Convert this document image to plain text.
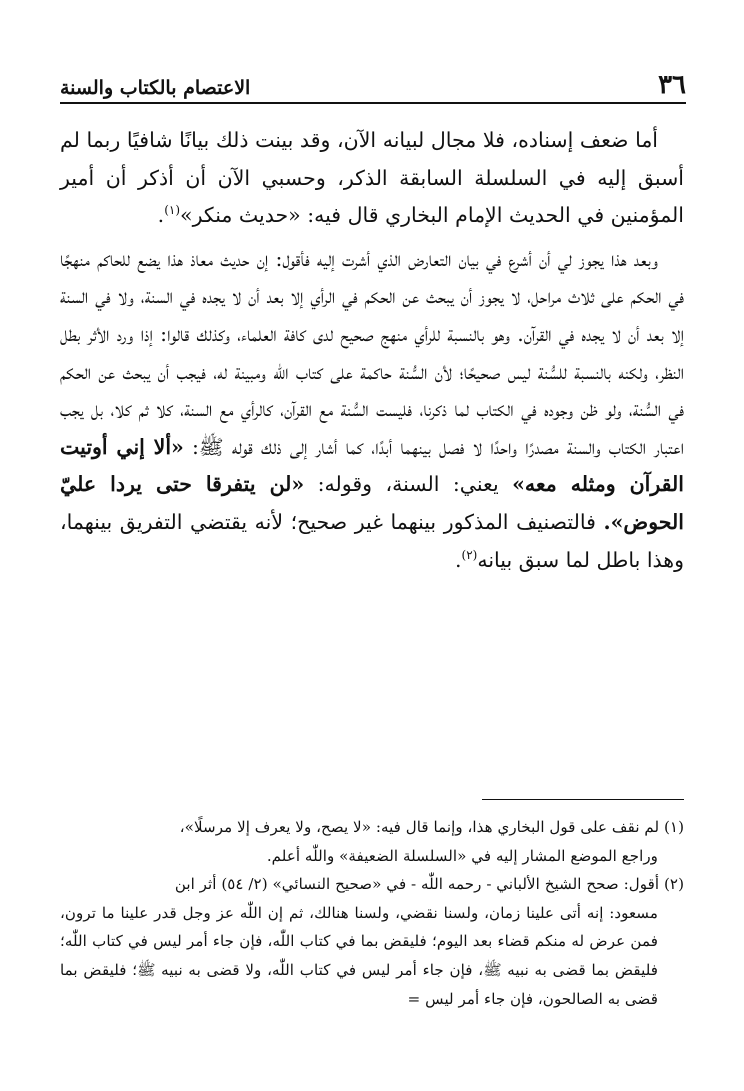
٣٦
الاعتصام بالكتاب والسنة

أما ضعف إسناده، فلا مجال لبيانه الآن، وقد بينت ذلك بيانًا شافيًا ربما لم أسبق إليه في السلسلة السابقة الذكر، وحسبي الآن أن أذكر أن أمير المؤمنين في الحديث الإمام البخاري قال فيه: «حديث منكر»$^{(١)}$.

وبعد هذا يجوز لي أن أشرع في بيان التعارض الذي أشرت إليه فأقول: إن حديث معاذ هذا يضع للحاكم منهجًا في الحكم على ثلاث مراحل، لا يجوز أن يبحث عن الحكم في الرأي إلا بعد أن لا يجده في السنة، ولا في السنة إلا بعد أن لا يجده في القرآن. وهو بالنسبة للرأي منهج صحيح لدى كافة العلماء، وكذلك قالوا: إذا ورد الأثر بطل النظر، ولكنه بالنسبة للسُّنة ليس صحيحًا؛ لأن السُّنة حاكمة على كتاب اللّٰه ومبينة له، فيجب أن يبحث عن الحكم في السُّنة، ولو ظن وجوده في الكتاب لما ذكرنا، فليست السُّنة مع القرآن، كالرأي مع السنة، كلا ثم كلا، بل يجب اعتبار الكتاب والسنة مصدرًا واحدًا لا فصل بينهما أبدًا، كما أشار إلى ذلك قوله ﷺ: «ألا إني أوتيت القرآن ومثله معه» يعني: السنة، وقوله: «لن يتفرقا حتى يردا عليّ الحوض». فالتصنيف المذكور بينهما غير صحيح؛ لأنه يقتضي التفريق بينهما، وهذا باطل لما سبق بيانه$^{(٢)}$.

(١) لم نقف على قول البخاري هذا، وإنما قال فيه: «لا يصح، ولا يعرف إلا مرسلًا»،

وراجع الموضع المشار إليه في «السلسلة الضعيفة» واللّٰه أعلم.

(٢) أقول: صحح الشيخ الألباني - رحمه اللّٰه - في «صحيح النسائي» (٢/ ٥٤) أثر ابن

مسعود: إنه أتى علينا زمان، ولسنا نقضي، ولسنا هنالك، ثم إن اللّٰه عز وجل قدر علينا ما ترون، فمن عرض له منكم قضاء بعد اليوم؛ فليقض بما في كتاب اللّٰه، فإن جاء أمر ليس في كتاب اللّٰه؛ فليقض بما قضى به نبيه ﷺ، فإن جاء أمر ليس في كتاب اللّٰه، ولا قضى به نبيه ﷺ؛ فليقض بما قضى به الصالحون، فإن جاء أمر ليس =
